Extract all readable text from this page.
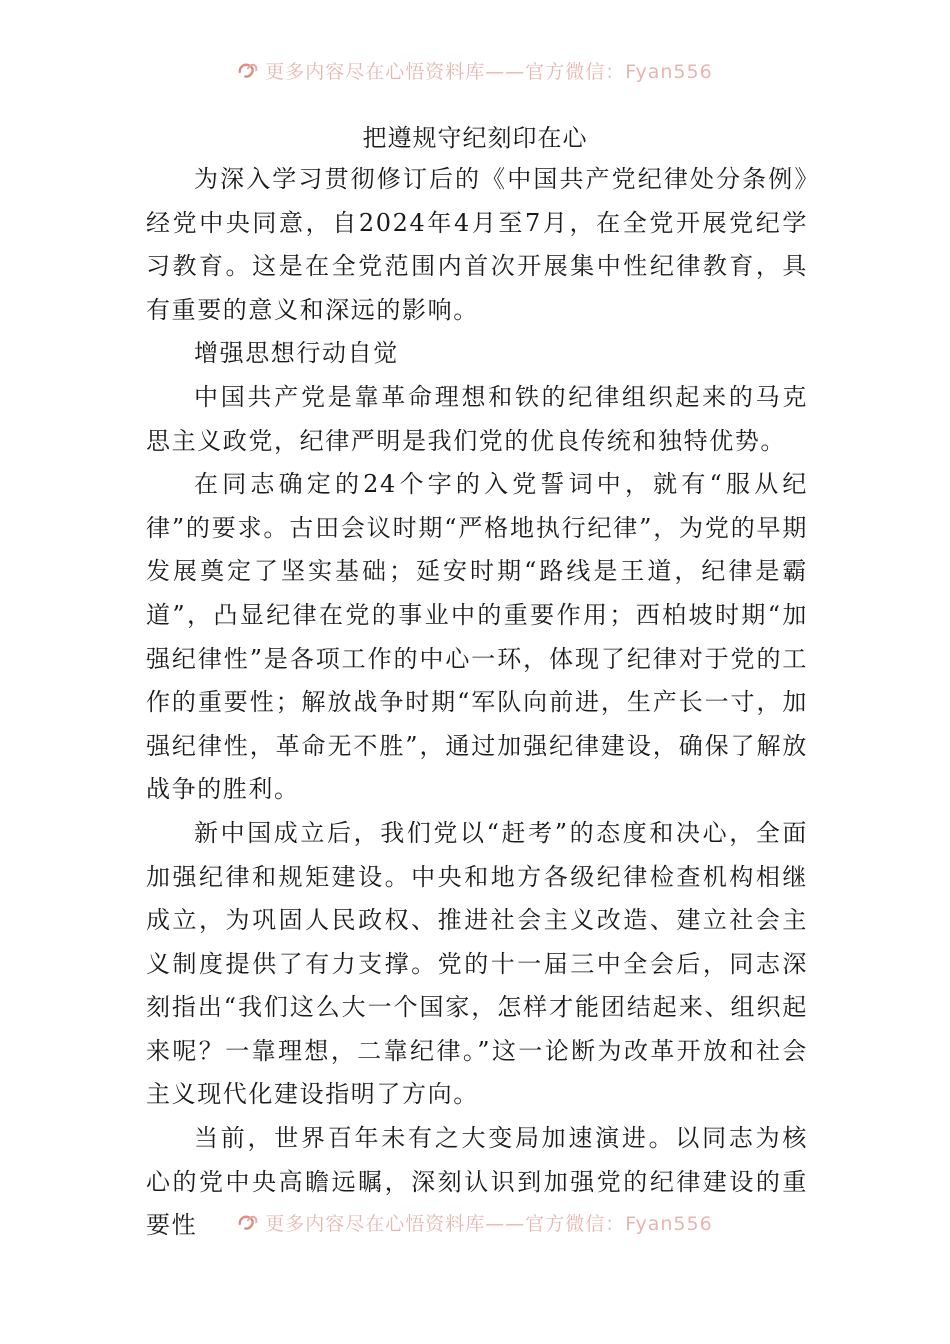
更多内容尽在心悟资料库——官方微信：Fyan556
把遵规守纪刻印在心

为深入学习贯彻修订后的《中国共产党纪律处分条例》经党中央同意，自2024年4月至7月，在全党开展党纪学习教育。这是在全党范围内首次开展集中性纪律教育，具有重要的意义和深远的影响。

增强思想行动自觉

中国共产党是靠革命理想和铁的纪律组织起来的马克思主义政党，纪律严明是我们党的优良传统和独特优势。

在同志确定的24个字的入党誓词中，就有“服从纪律”的要求。古田会议时期“严格地执行纪律”，为党的早期发展奠定了坚实基础；延安时期“路线是王道，纪律是霸道”，凸显纪律在党的事业中的重要作用；西柏坡时期“加强纪律性”是各项工作的中心一环，体现了纪律对于党的工作的重要性；解放战争时期“军队向前进，生产长一寸，加强纪律性，革命无不胜”，通过加强纪律建设，确保了解放战争的胜利。

新中国成立后，我们党以“赶考”的态度和决心，全面加强纪律和规矩建设。中央和地方各级纪律检查机构相继成立，为巩固人民政权、推进社会主义改造、建立社会主义制度提供了有力支撑。党的十一届三中全会后，同志深刻指出“我们这么大一个国家，怎样才能团结起来、组织起来呢？一靠理想，二靠纪律。”这一论断为改革开放和社会主义现代化建设指明了方向。

当前，世界百年未有之大变局加速演进。以同志为核心的党中央高瞻远瞩，深刻认识到加强党的纪律建设的重要性	更多内容尽在心悟资料库——官方微信：Fyan556
